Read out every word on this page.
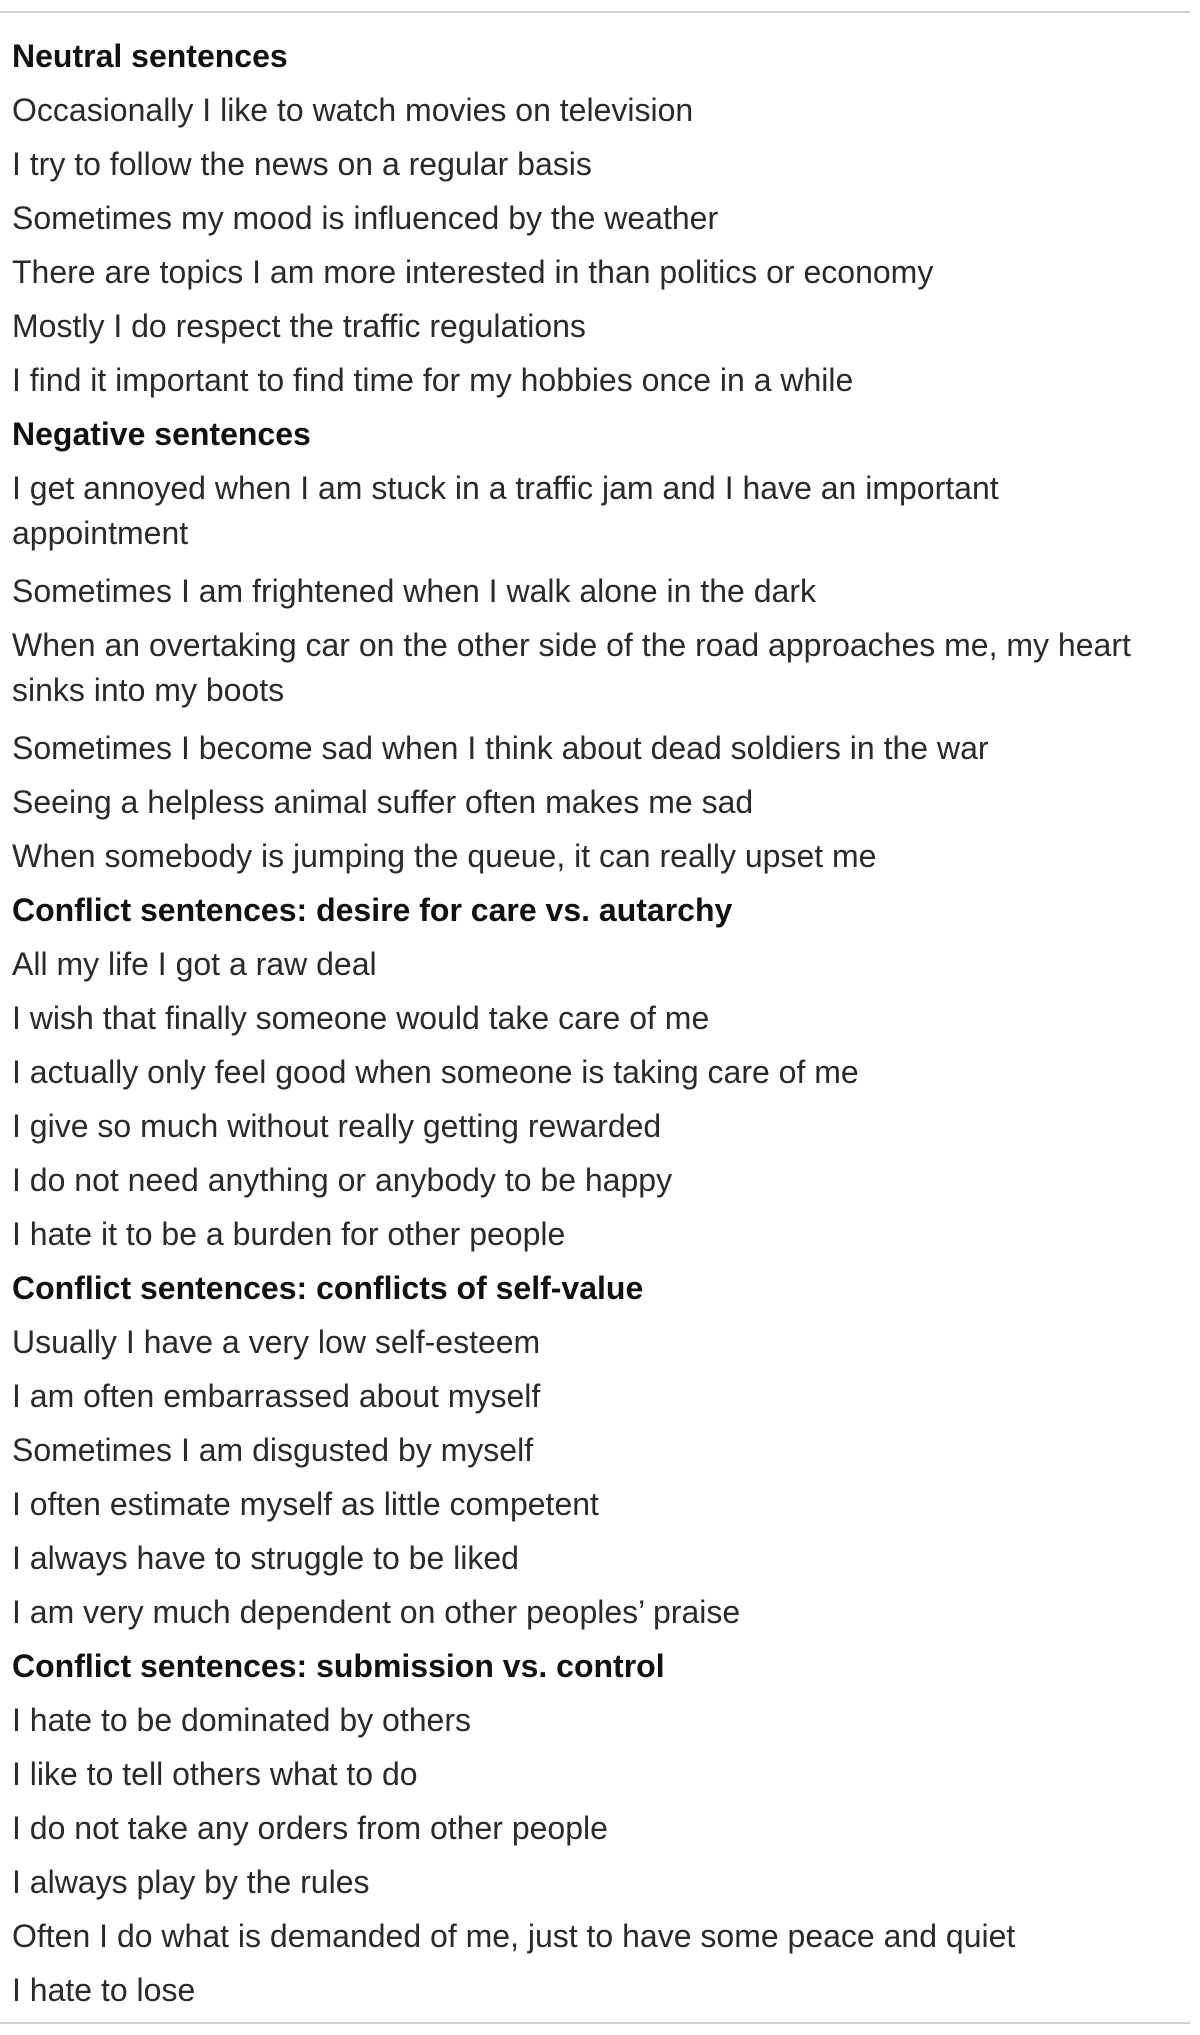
Neutral sentences
Occasionally I like to watch movies on television
I try to follow the news on a regular basis
Sometimes my mood is influenced by the weather
There are topics I am more interested in than politics or economy
Mostly I do respect the traffic regulations
I find it important to find time for my hobbies once in a while
Negative sentences
I get annoyed when I am stuck in a traffic jam and I have an important appointment
Sometimes I am frightened when I walk alone in the dark
When an overtaking car on the other side of the road approaches me, my heart sinks into my boots
Sometimes I become sad when I think about dead soldiers in the war
Seeing a helpless animal suffer often makes me sad
When somebody is jumping the queue, it can really upset me
Conflict sentences: desire for care vs. autarchy
All my life I got a raw deal
I wish that finally someone would take care of me
I actually only feel good when someone is taking care of me
I give so much without really getting rewarded
I do not need anything or anybody to be happy
I hate it to be a burden for other people
Conflict sentences: conflicts of self-value
Usually I have a very low self-esteem
I am often embarrassed about myself
Sometimes I am disgusted by myself
I often estimate myself as little competent
I always have to struggle to be liked
I am very much dependent on other peoples’ praise
Conflict sentences: submission vs. control
I hate to be dominated by others
I like to tell others what to do
I do not take any orders from other people
I always play by the rules
Often I do what is demanded of me, just to have some peace and quiet
I hate to lose
